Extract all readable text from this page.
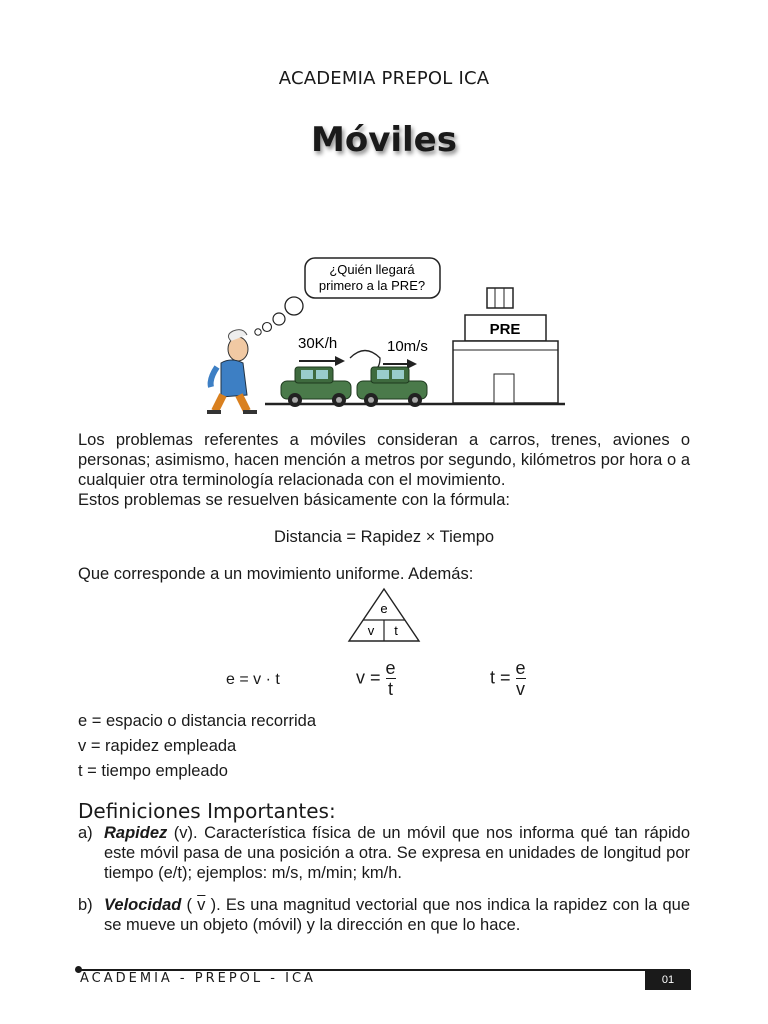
ACADEMIA PREPOL ICA
Móviles
¿Quién llegará
primero a la PRE?
30K/h	10m/s
PRE

Los problemas referentes a móviles consideran a carros, trenes, aviones o personas; asimismo, hacen mención a metros por segundo, kilómetros por hora o a cualquier otra terminología relacionada con el movimiento.

Estos problemas se resuelven básicamente con la fórmula:

Distancia = Rapidez × Tiempo
Que corresponde a un movimiento uniforme. Además:
e
v t
e = v · t	$v = \frac{e}{t}$	$t = \frac{e}{v}$
e = espacio o distancia recorrida
v = rapidez empleada
t = tiempo empleado
Definiciones Importantes:
a) Rapidez (v). Característica física de un móvil que nos informa qué tan rápido este móvil pasa de una posición a otra. Se expresa en unidades de longitud por tiempo (e/t); ejemplos: m/s, m/min; km/h.
b) Velocidad ( $\overline{v}$ ). Es una magnitud vectorial que nos indica la rapidez con la que se mueve un objeto (móvil) y la dirección en que lo hace.
ACADEMIA - PREPOL - ICA	01
